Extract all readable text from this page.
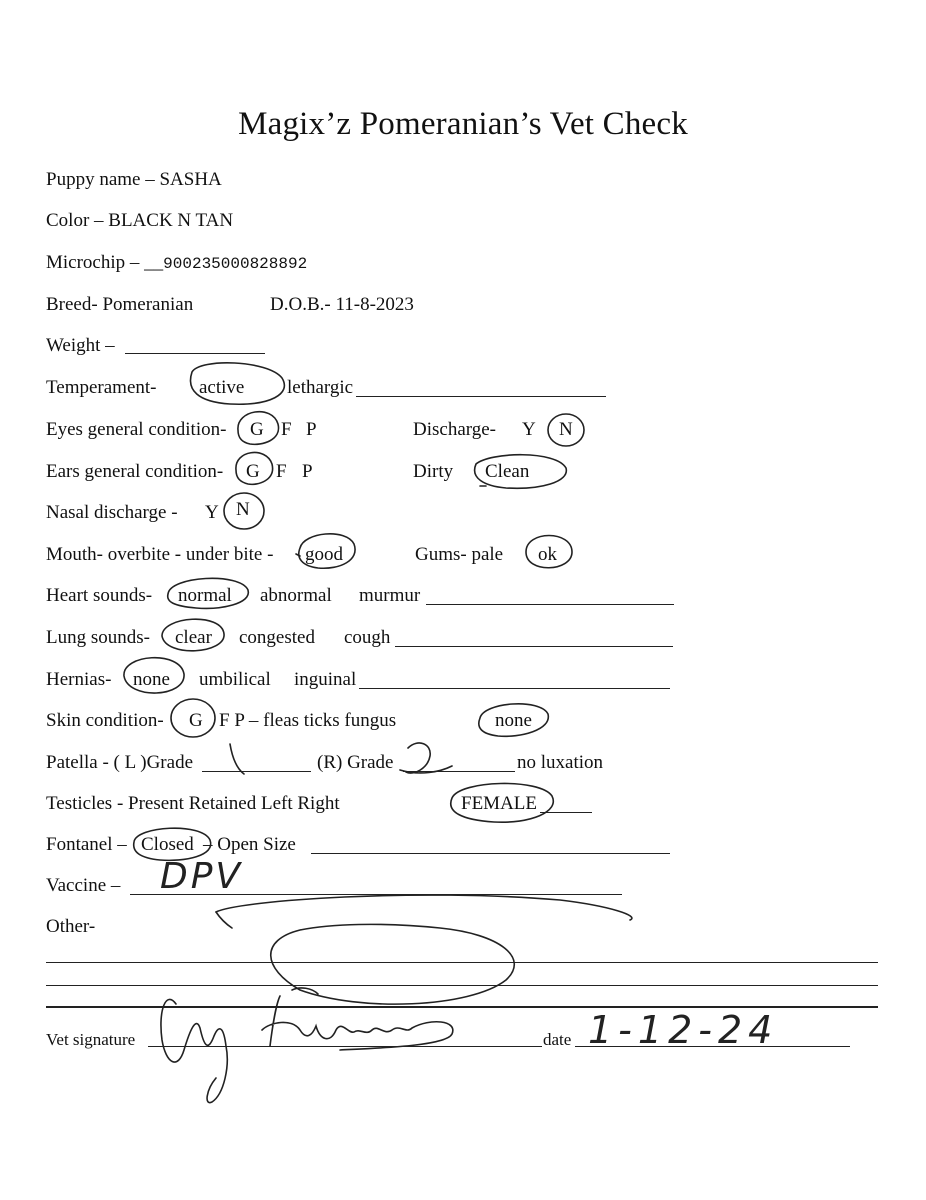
Magix’z Pomeranian’s Vet Check
Puppy name – SASHA
Color – BLACK N TAN
Microchip – __900235000828892
Breed- Pomeranian	D.O.B.- 11-8-2023
Weight –
Temperament- active lethargic
Eyes general condition- G F P	Discharge- Y N
Ears general condition- G F P	Dirty Clean
Nasal discharge - Y N
Mouth- overbite - under bite - good	Gums- pale ok
Heart sounds- normal abnormal murmur
Lung sounds- clear congested cough
Hernias- none umbilical inguinal
Skin condition- G F P – fleas ticks fungus	none
Patella - ( L )Grade	(R) Grade	no luxation
Testicles - Present Retained Left Right	FEMALE
Fontanel – Closed – Open Size
Vaccine – DPV
Other-
Vet signature	date 1-12-24
